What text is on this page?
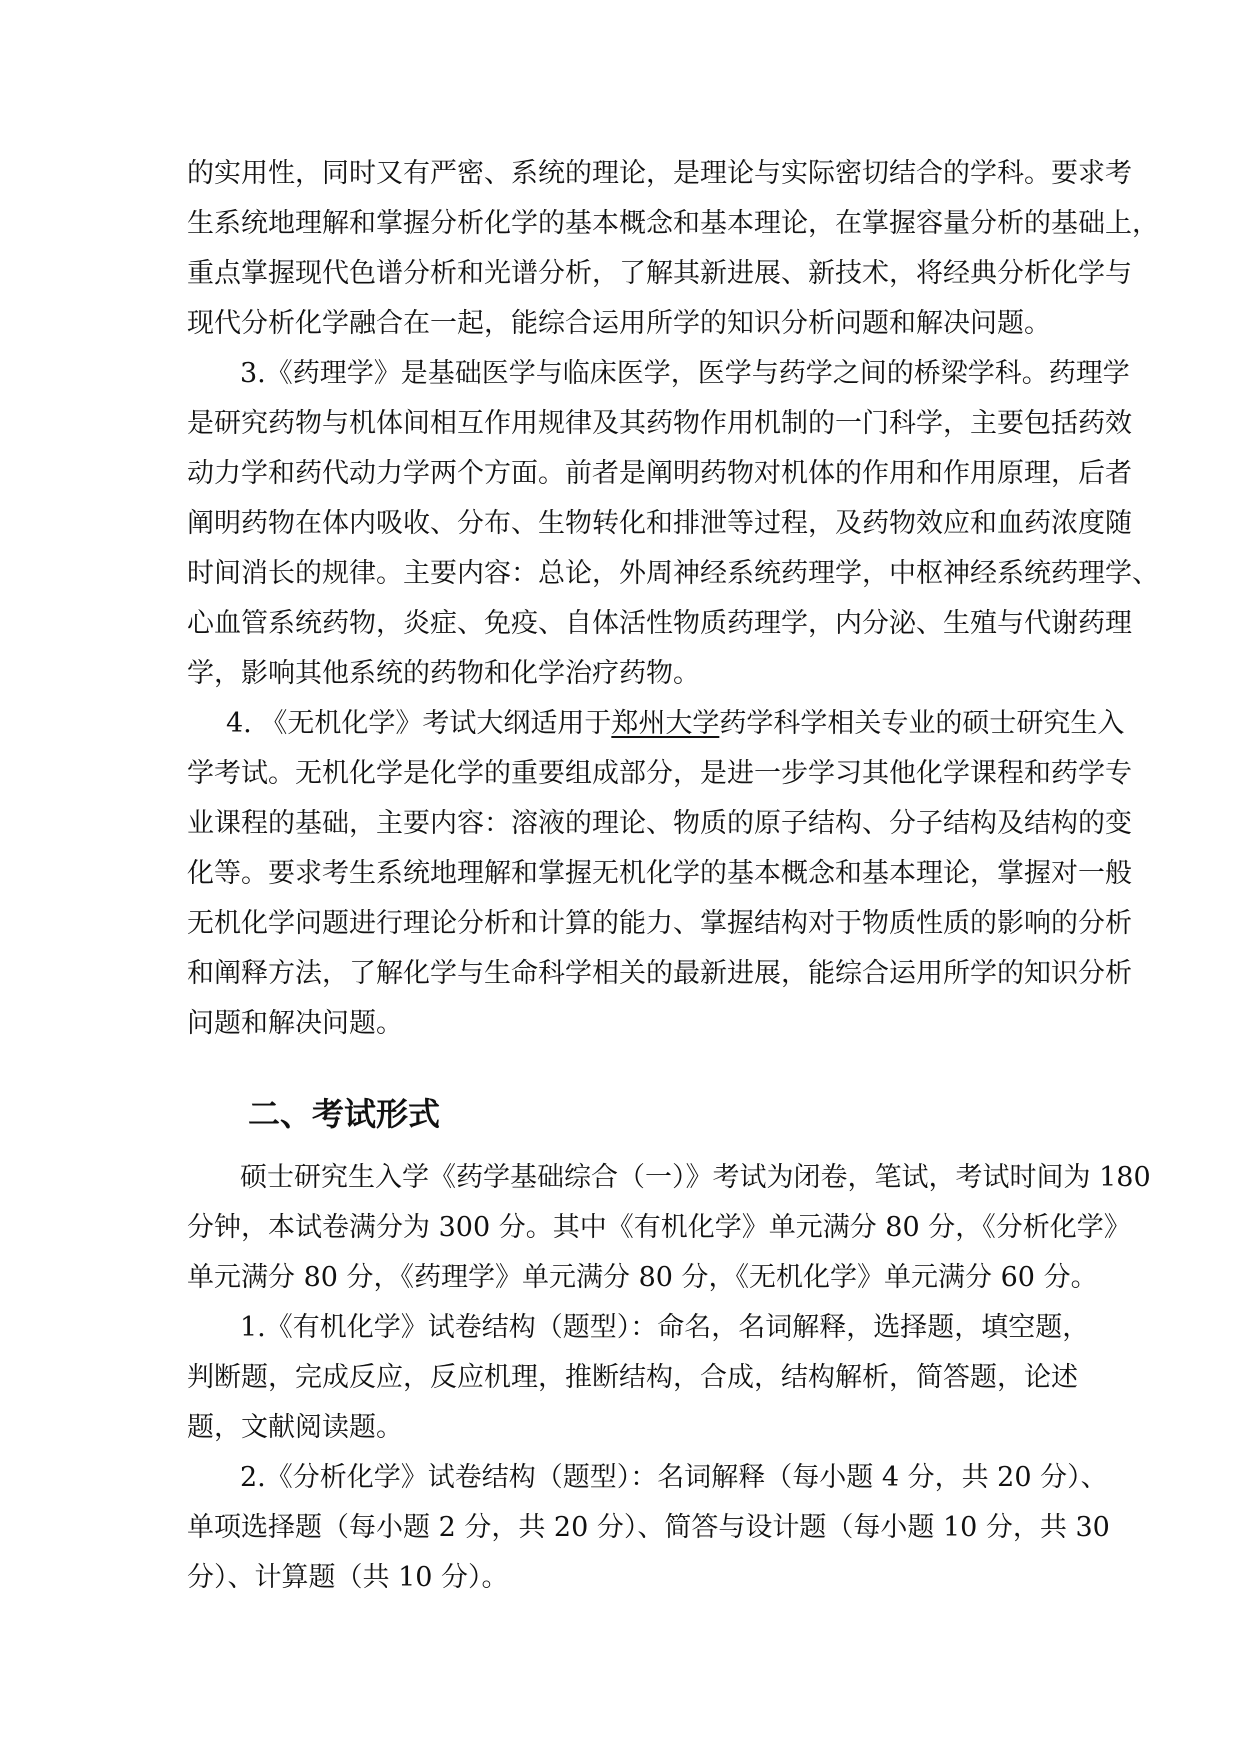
的实用性，同时又有严密、系统的理论，是理论与实际密切结合的学科。要求考

生系统地理解和掌握分析化学的基本概念和基本理论，在掌握容量分析的基础上，

重点掌握现代色谱分析和光谱分析，了解其新进展、新技术，将经典分析化学与

现代分析化学融合在一起，能综合运用所学的知识分析问题和解决问题。

3.《药理学》是基础医学与临床医学，医学与药学之间的桥梁学科。药理学

是研究药物与机体间相互作用规律及其药物作用机制的一门科学，主要包括药效

动力学和药代动力学两个方面。前者是阐明药物对机体的作用和作用原理，后者

阐明药物在体内吸收、分布、生物转化和排泄等过程，及药物效应和血药浓度随

时间消长的规律。主要内容：总论，外周神经系统药理学，中枢神经系统药理学、

心血管系统药物，炎症、免疫、自体活性物质药理学，内分泌、生殖与代谢药理

学，影响其他系统的药物和化学治疗药物。

4. 《无机化学》考试大纲适用于郑州大学药学科学相关专业的硕士研究生入

学考试。无机化学是化学的重要组成部分，是进一步学习其他化学课程和药学专

业课程的基础，主要内容：溶液的理论、物质的原子结构、分子结构及结构的变

化等。要求考生系统地理解和掌握无机化学的基本概念和基本理论，掌握对一般

无机化学问题进行理论分析和计算的能力、掌握结构对于物质性质的影响的分析

和阐释方法，了解化学与生命科学相关的最新进展，能综合运用所学的知识分析

问题和解决问题。

二、考试形式

硕士研究生入学《药学基础综合（一）》考试为闭卷，笔试，考试时间为 180

分钟，本试卷满分为 300 分。其中《有机化学》单元满分 80 分，《分析化学》

单元满分 80 分，《药理学》单元满分 80 分，《无机化学》单元满分 60 分。

1.《有机化学》试卷结构（题型）：命名，名词解释，选择题，填空题，

判断题，完成反应，反应机理，推断结构，合成，结构解析，简答题，论述

题，文献阅读题。

2.《分析化学》试卷结构（题型）：名词解释（每小题 4 分，共 20 分）、

单项选择题（每小题 2 分，共 20 分）、简答与设计题（每小题 10 分，共 30

分）、计算题（共 10 分）。
